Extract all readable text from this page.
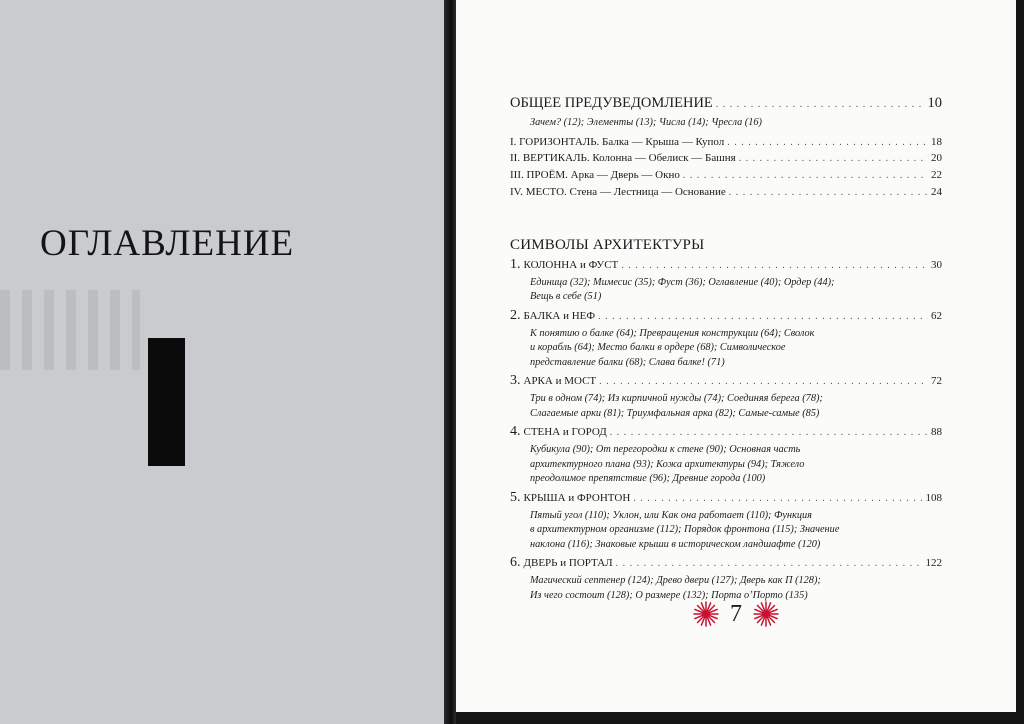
ОГЛАВЛЕНИЕ
ОБЩЕЕ ПРЕДУВЕДОМЛЕНИЕ . . .	10

Зачем? (12); Элементы (13); Числа (14); Чресла (16)

I. ГОРИЗОНТАЛЬ. Балка — Крыша — Купол . . .	18
II. ВЕРТИКАЛЬ. Колонна — Обелиск — Башня . . .	20
III. ПРОЁМ. Арка — Дверь — Окно . . .	22
IV. МЕСТО. Стена — Лестница — Основание . . .	24
СИМВОЛЫ АРХИТЕКТУРЫ
1. КОЛОННА и ФУСТ . . .	30

Единица (32); Мимесис (35); Фуст (36); Оглавление (40); Ордер (44);

Вещь в себе (51)

2. БАЛКА и НЕФ . . .	62

К понятию о балке (64); Превращения конструкции (64); Сволок

и корабль (64); Место балки в ордере (68); Символическое

представление балки (68); Слава балке! (71)

3. АРКА и МОСТ . . .	72

Три в одном (74); Из кирпичной нужды (74); Соединяя берега (78);

Слагаемые арки (81); Триумфальная арка (82); Самые-самые (85)

4. СТЕНА и ГОРОД . . .	88

Кубикула (90); От перегородки к стене (90); Основная часть

архитектурного плана (93); Кожа архитектуры (94); Тяжело

преодолимое препятствие (96); Древние города (100)

5. КРЫША и ФРОНТОН . . .	108

Пятый угол (110); Уклон, или Как она работает (110); Функция

в архитектурном организме (112); Порядок фронтона (115); Значение

наклона (116); Знаковые крыши в историческом ландшафте (120)

6. ДВЕРЬ и ПОРТАЛ . . .	122

Магический септенер (124); Древо двери (127); Дверь как П (128);

Из чего состоит (128); О размере (132); Порта о’Порто (135)

7
